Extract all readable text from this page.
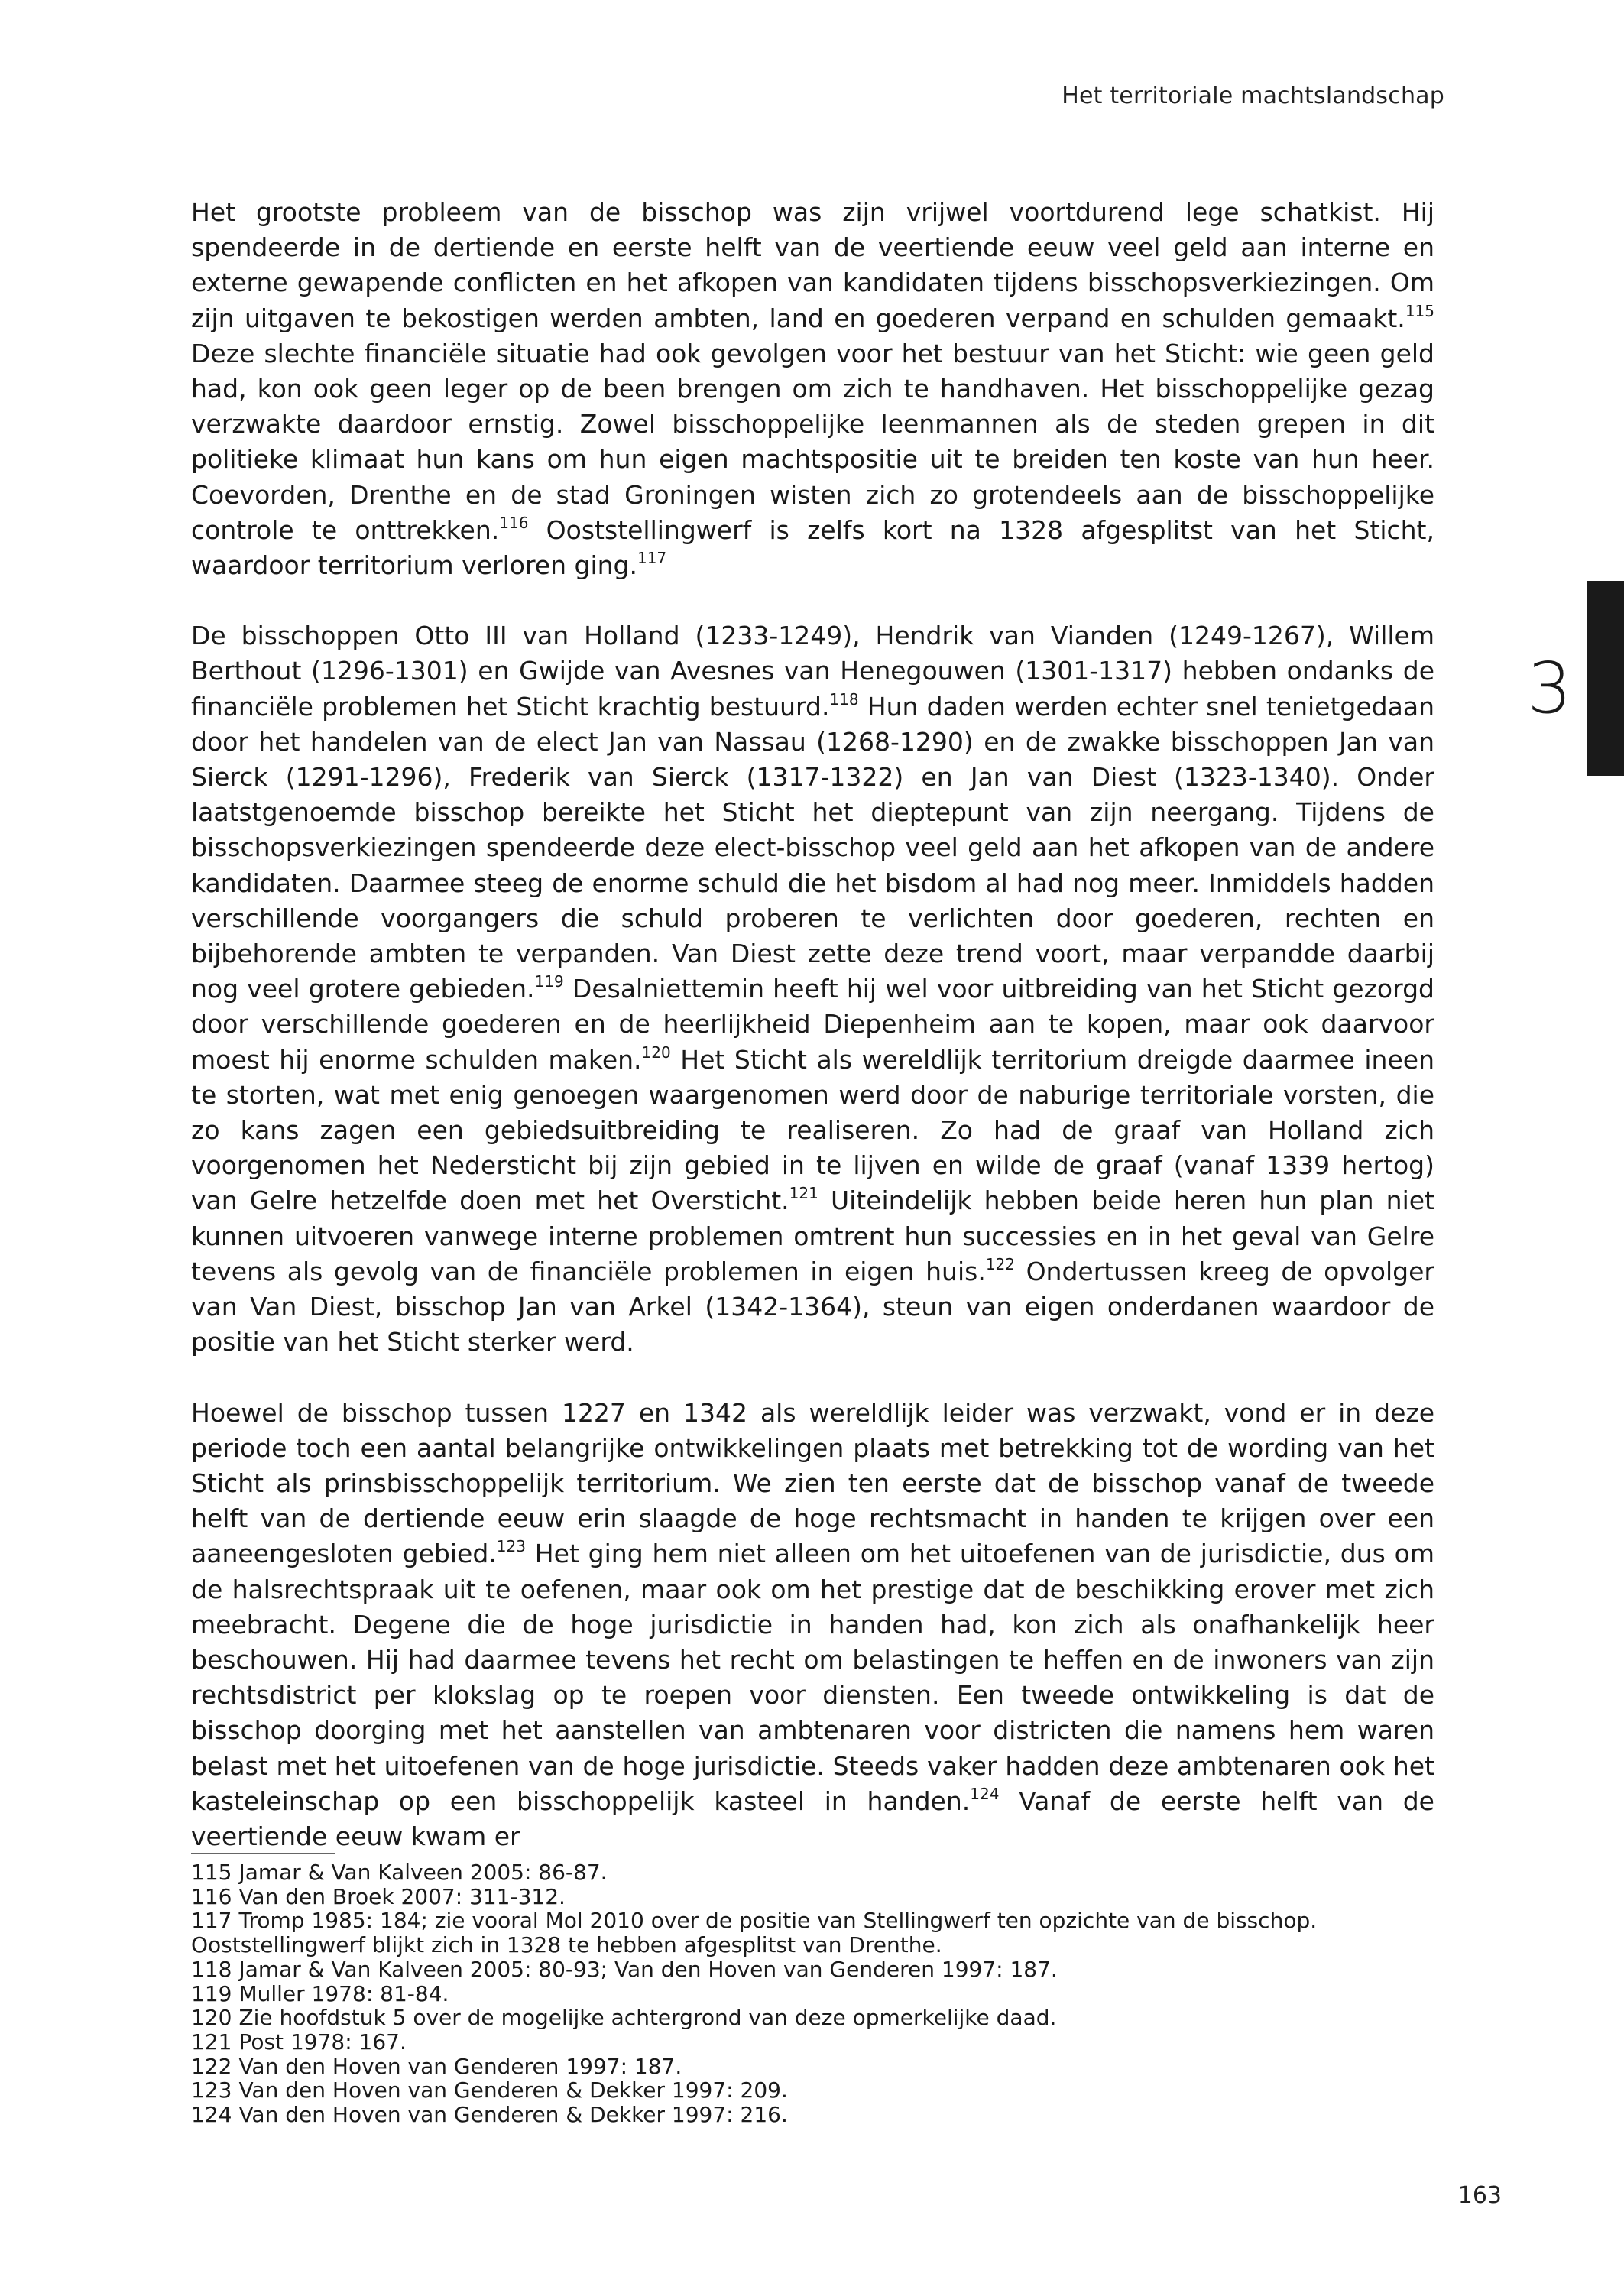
Het territoriale machtslandschap
3

Het grootste probleem van de bisschop was zijn vrijwel voortdurend lege schatkist. Hij spendeerde in de dertiende en eerste helft van de veertiende eeuw veel geld aan interne en externe gewapende conflicten en het afkopen van kandidaten tijdens bisschopsverkiezingen. Om zijn uitgaven te bekostigen werden ambten, land en goederen verpand en schulden gemaakt.$^{115}$ Deze slechte financiële situatie had ook gevolgen voor het bestuur van het Sticht: wie geen geld had, kon ook geen leger op de been brengen om zich te handhaven. Het bisschoppelijke gezag verzwakte daardoor ernstig. Zowel bisschoppelijke leenmannen als de steden grepen in dit politieke klimaat hun kans om hun eigen machtspositie uit te breiden ten koste van hun heer. Coevorden, Drenthe en de stad Groningen wisten zich zo grotendeels aan de bisschoppelijke controle te onttrekken.$^{116}$ Ooststellingwerf is zelfs kort na 1328 afgesplitst van het Sticht, waardoor territorium verloren ging.$^{117}$

De bisschoppen Otto III van Holland (1233-1249), Hendrik van Vianden (1249-1267), Willem Berthout (1296-1301) en Gwijde van Avesnes van Henegouwen (1301-1317) hebben ondanks de financiële problemen het Sticht krachtig bestuurd.$^{118}$ Hun daden werden echter snel tenietgedaan door het handelen van de elect Jan van Nassau (1268-1290) en de zwakke bisschoppen Jan van Sierck (1291-1296), Frederik van Sierck (1317-1322) en Jan van Diest (1323-1340). Onder laatstgenoemde bisschop bereikte het Sticht het dieptepunt van zijn neergang. Tijdens de bisschopsverkiezingen spendeerde deze elect-bisschop veel geld aan het afkopen van de andere kandidaten. Daarmee steeg de enorme schuld die het bisdom al had nog meer. Inmiddels hadden verschillende voorgangers die schuld proberen te verlichten door goederen, rechten en bijbehorende ambten te verpanden. Van Diest zette deze trend voort, maar verpandde daarbij nog veel grotere gebieden.$^{119}$ Desalniettemin heeft hij wel voor uitbreiding van het Sticht gezorgd door verschillende goederen en de heerlijkheid Diepenheim aan te kopen, maar ook daarvoor moest hij enorme schulden maken.$^{120}$ Het Sticht als wereldlijk territorium dreigde daarmee ineen te storten, wat met enig genoegen waargenomen werd door de naburige territoriale vorsten, die zo kans zagen een gebiedsuitbreiding te realiseren. Zo had de graaf van Holland zich voorgenomen het Nedersticht bij zijn gebied in te lijven en wilde de graaf (vanaf 1339 hertog) van Gelre hetzelfde doen met het Oversticht.$^{121}$ Uiteindelijk hebben beide heren hun plan niet kunnen uitvoeren vanwege interne problemen omtrent hun successies en in het geval van Gelre tevens als gevolg van de financiële problemen in eigen huis.$^{122}$ Ondertussen kreeg de opvolger van Van Diest, bisschop Jan van Arkel (1342-1364), steun van eigen onderdanen waardoor de positie van het Sticht sterker werd.

Hoewel de bisschop tussen 1227 en 1342 als wereldlijk leider was verzwakt, vond er in deze periode toch een aantal belangrijke ontwikkelingen plaats met betrekking tot de wording van het Sticht als prinsbisschoppelijk territorium. We zien ten eerste dat de bisschop vanaf de tweede helft van de dertiende eeuw erin slaagde de hoge rechtsmacht in handen te krijgen over een aaneengesloten gebied.$^{123}$ Het ging hem niet alleen om het uitoefenen van de jurisdictie, dus om de halsrechtspraak uit te oefenen, maar ook om het prestige dat de beschikking erover met zich meebracht. Degene die de hoge jurisdictie in handen had, kon zich als onafhankelijk heer beschouwen. Hij had daarmee tevens het recht om belastingen te heffen en de inwoners van zijn rechtsdistrict per klokslag op te roepen voor diensten. Een tweede ontwikkeling is dat de bisschop doorging met het aanstellen van ambtenaren voor districten die namens hem waren belast met het uitoefenen van de hoge jurisdictie. Steeds vaker hadden deze ambtenaren ook het kasteleinschap op een bisschoppelijk kasteel in handen.$^{124}$ Vanaf de eerste helft van de veertiende eeuw kwam er

115 Jamar & Van Kalveen 2005: 86-87.
116 Van den Broek 2007: 311-312.
117 Tromp 1985: 184; zie vooral Mol 2010 over de positie van Stellingwerf ten opzichte van de bisschop.
Ooststellingwerf blijkt zich in 1328 te hebben afgesplitst van Drenthe.
118 Jamar & Van Kalveen 2005: 80-93; Van den Hoven van Genderen 1997: 187.
119 Muller 1978: 81-84.
120 Zie hoofdstuk 5 over de mogelijke achtergrond van deze opmerkelijke daad.
121 Post 1978: 167.
122 Van den Hoven van Genderen 1997: 187.
123 Van den Hoven van Genderen & Dekker 1997: 209.
124 Van den Hoven van Genderen & Dekker 1997: 216.
163
